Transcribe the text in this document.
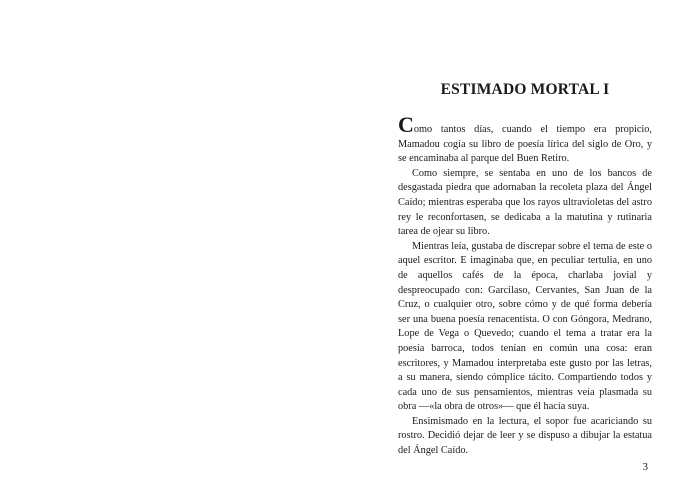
ESTIMADO MORTAL I

Como tantos días, cuando el tiempo era propicio, Mamadou cogía su libro de poesía lírica del siglo de Oro, y se encaminaba al parque del Buen Retiro.

Como siempre, se sentaba en uno de los bancos de desgastada piedra que adornaban la recoleta plaza del Ángel Caído; mientras esperaba que los rayos ultravioletas del astro rey le reconfortasen, se dedicaba a la matutina y rutinaria tarea de ojear su libro.

Mientras leía, gustaba de discrepar sobre el tema de este o aquel escritor. E imaginaba que, en peculiar tertulia, en uno de aquellos cafés de la época, charlaba jovial y despreocupado con: Garcilaso, Cervantes, San Juan de la Cruz, o cualquier otro, sobre cómo y de qué forma debería ser una buena poesía renacentista. O con Góngora, Medrano, Lope de Vega o Quevedo; cuando el tema a tratar era la poesía barroca, todos tenían en común una cosa: eran escritores, y Mamadou interpretaba este gusto por las letras, a su manera, siendo cómplice tácito. Compartiendo todos y cada uno de sus pensamientos, mientras veía plasmada su obra —«la obra de otros»— que él hacía suya.

Ensimismado en la lectura, el sopor fue acariciando su rostro. Decidió dejar de leer y se dispuso a dibujar la estatua del Ángel Caído.

3
